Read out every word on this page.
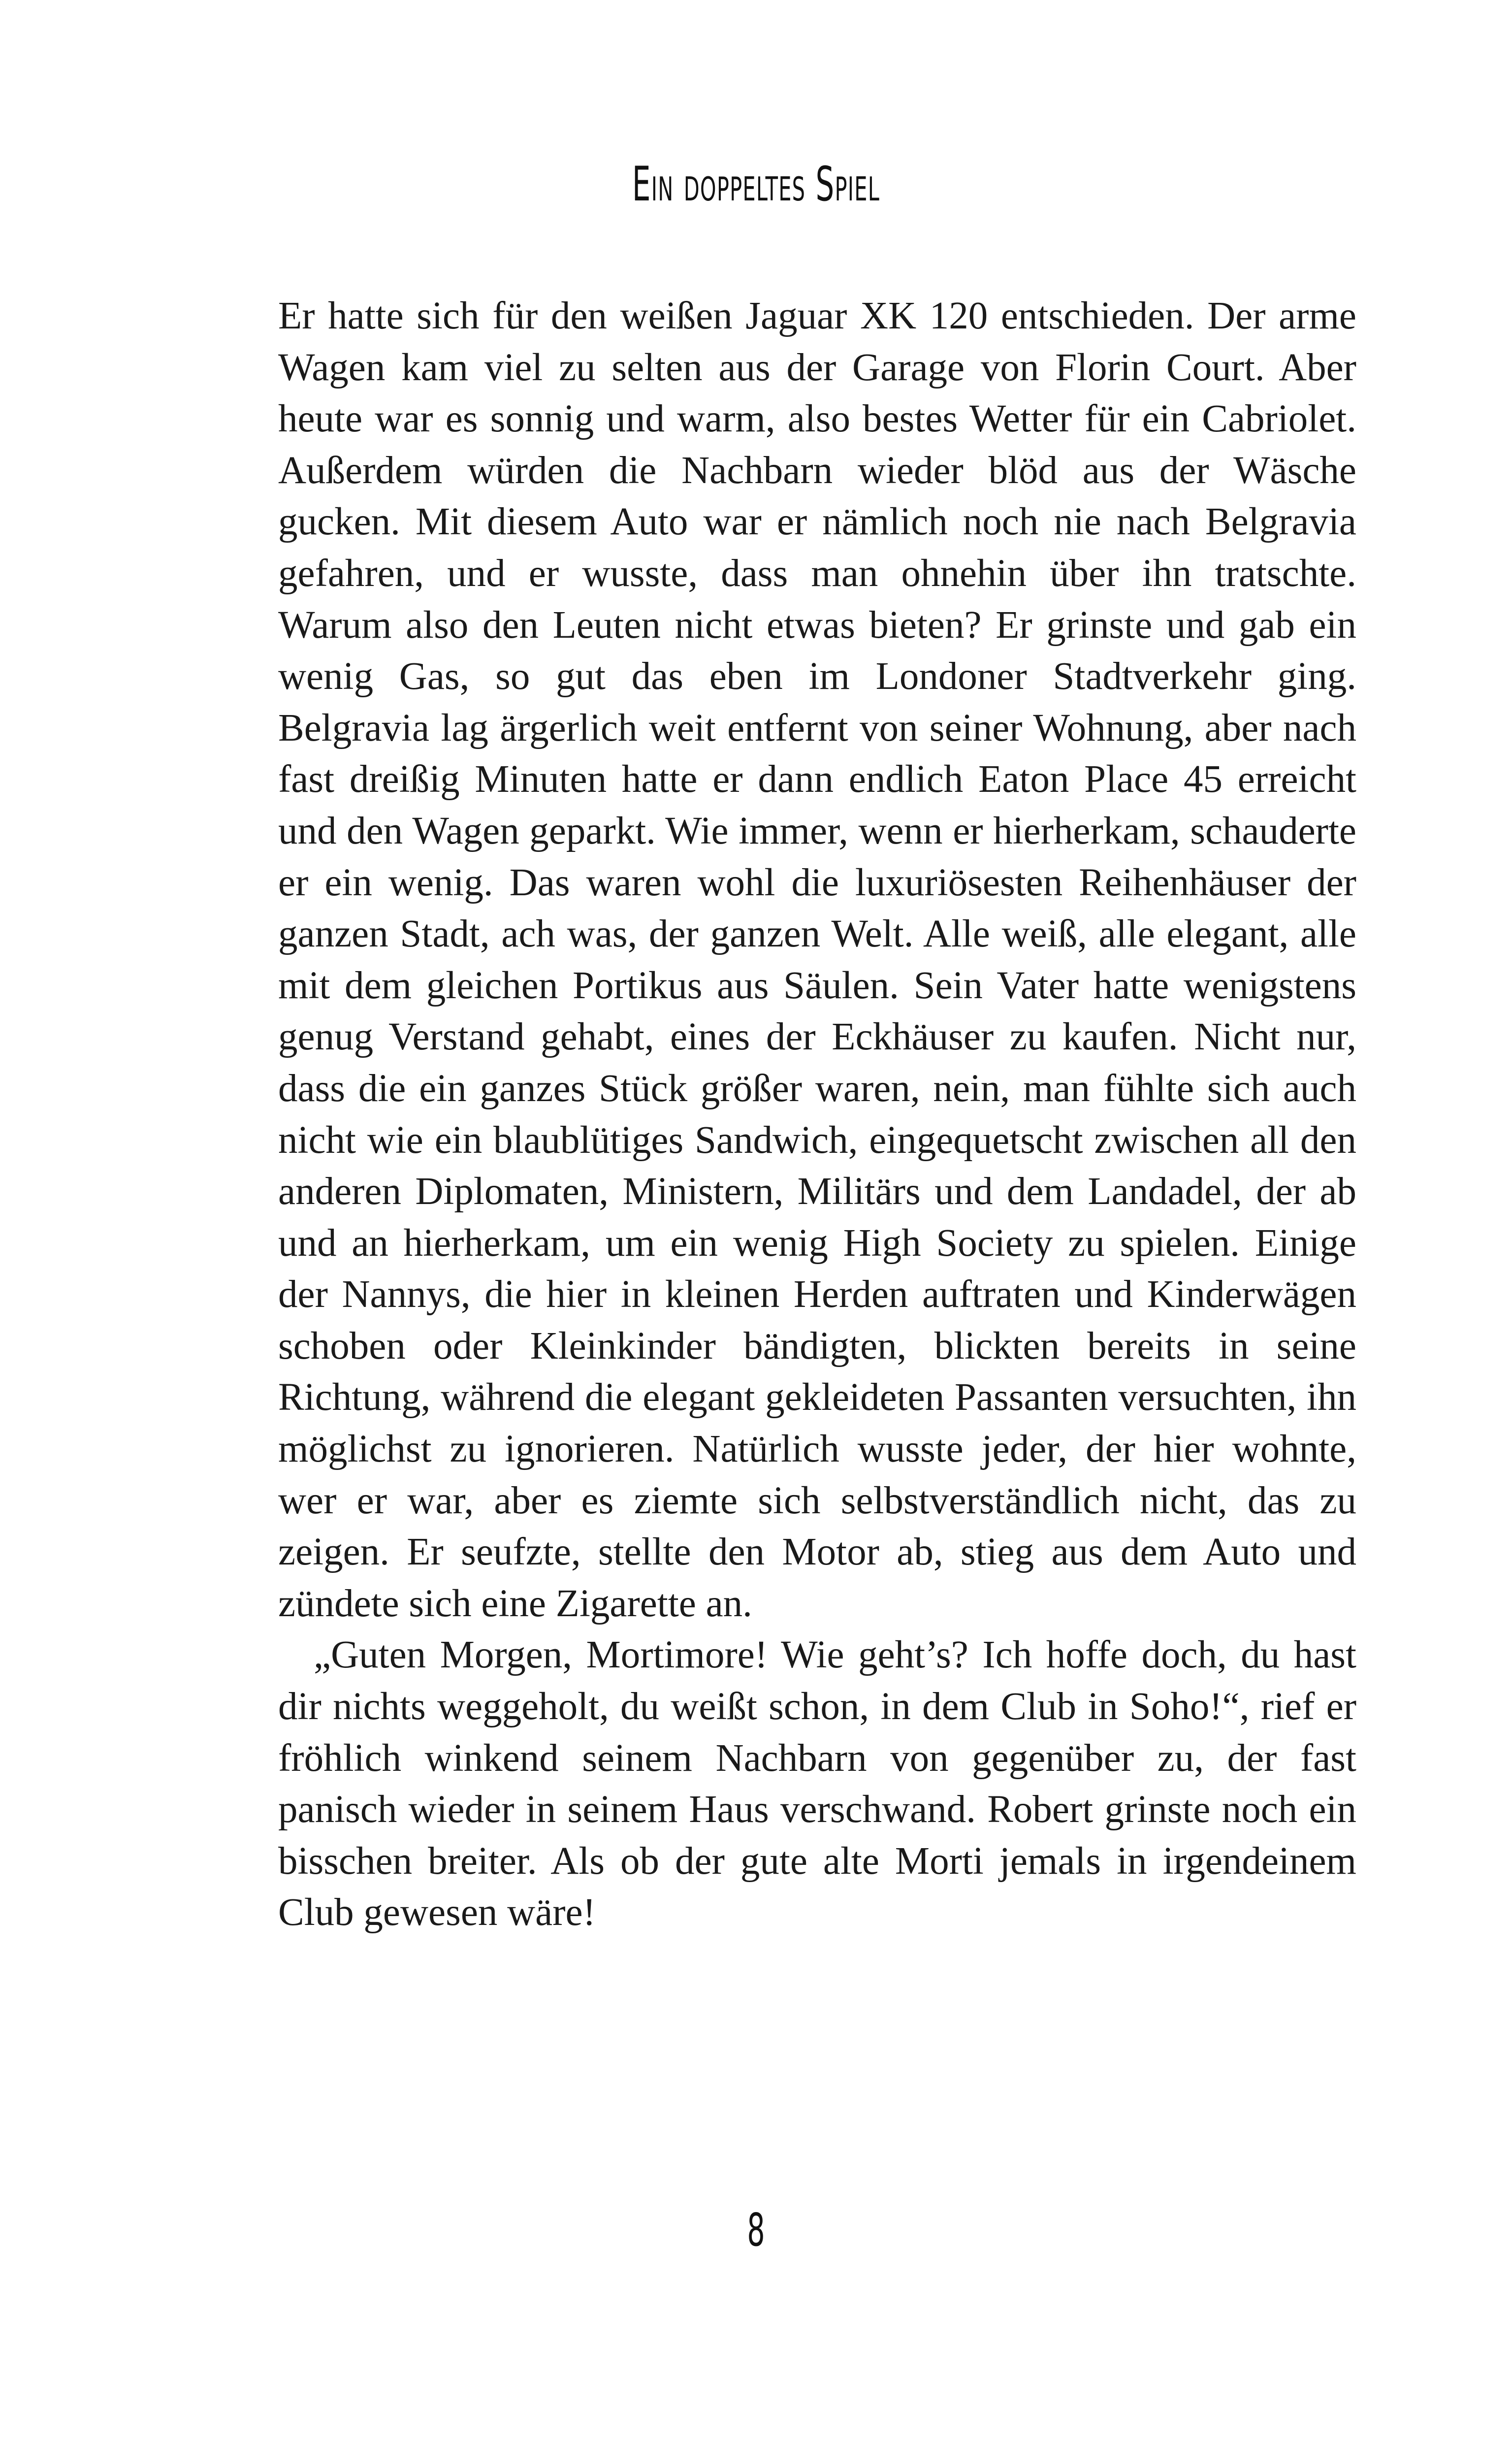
Ein doppeltes Spiel

Er hatte sich für den weißen Jaguar XK 120 entschieden. Der arme Wagen kam viel zu selten aus der Garage von Florin Court. Aber heute war es sonnig und warm, also bestes Wetter für ein Cabriolet. Außerdem würden die Nachbarn wieder blöd aus der Wäsche gucken. Mit diesem Auto war er nämlich noch nie nach Belgravia gefahren, und er wusste, dass man ohnehin über ihn tratschte. Warum also den Leuten nicht etwas bieten? Er grinste und gab ein wenig Gas, so gut das eben im Londoner Stadtverkehr ging. Belgravia lag ärgerlich weit entfernt von seiner Wohnung, aber nach fast dreißig Minuten hatte er dann endlich Eaton Place 45 erreicht und den Wagen geparkt. Wie immer, wenn er hierherkam, schauderte er ein wenig. Das waren wohl die luxuriösesten Reihenhäuser der ganzen Stadt, ach was, der ganzen Welt. Alle weiß, alle elegant, alle mit dem gleichen Portikus aus Säulen. Sein Vater hatte wenigstens genug Verstand gehabt, eines der Eckhäuser zu kaufen. Nicht nur, dass die ein ganzes Stück größer waren, nein, man fühlte sich auch nicht wie ein blaublütiges Sandwich, eingequetscht zwischen all den anderen Diplomaten, Ministern, Militärs und dem Landadel, der ab und an hierherkam, um ein wenig High Society zu spielen. Einige der Nannys, die hier in kleinen Herden auftraten und Kinderwägen schoben oder Kleinkinder bändigten, blickten bereits in seine Richtung, während die elegant gekleideten Passanten versuchten, ihn möglichst zu ignorieren. Natürlich wusste jeder, der hier wohnte, wer er war, aber es ziemte sich selbstverständlich nicht, das zu zeigen. Er seufzte, stellte den Motor ab, stieg aus dem Auto und zündete sich eine Zigarette an.

„Guten Morgen, Mortimore! Wie geht’s? Ich hoffe doch, du hast dir nichts weggeholt, du weißt schon, in dem Club in Soho!“, rief er fröhlich winkend seinem Nachbarn von gegenüber zu, der fast panisch wieder in seinem Haus verschwand. Robert grinste noch ein bisschen breiter. Als ob der gute alte Morti jemals in irgendeinem Club gewesen wäre!

8
